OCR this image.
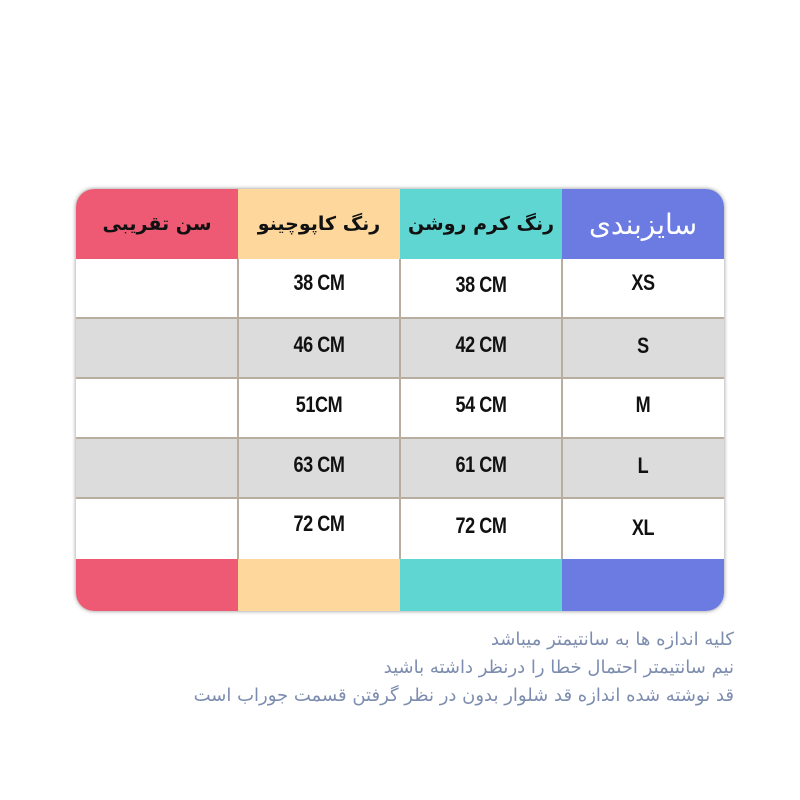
سن تقریبی	رنگ کاپوچینو
38 CM
46 CM
51CM
63 CM
72 CM
رنگ کرم روشن
38 CM
42 CM
54 CM
61 CM
72 CM
سایزبندی
XS
S
M
L
XL
کلیه اندازه ها به سانتیمتر میباشد
نیم سانتیمتر احتمال خطا را درنظر داشته باشید
قد نوشته شده اندازه قد شلوار بدون در نظر گرفتن قسمت جوراب است
